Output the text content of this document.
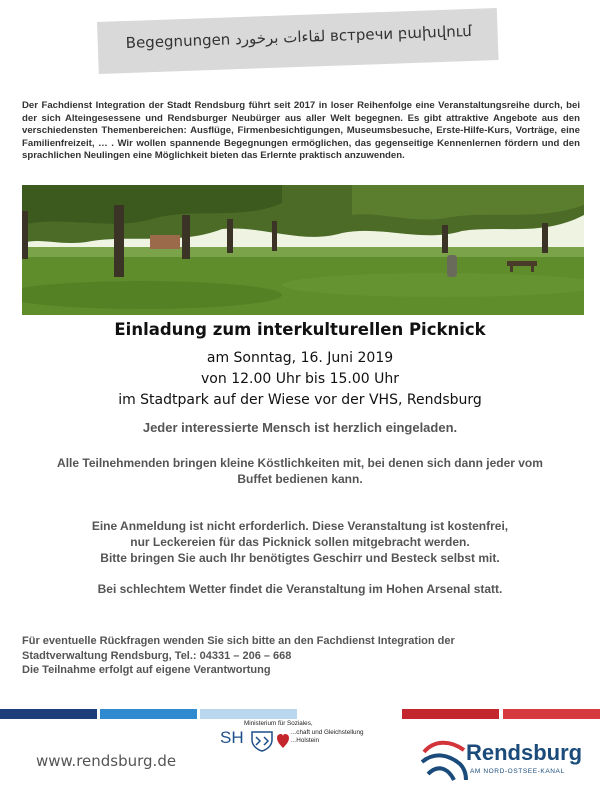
Begegnungen لقاءات برخورد встречи բախվում
Der Fachdienst Integration der Stadt Rendsburg führt seit 2017 in loser Reihenfolge eine Veranstaltungsreihe durch, bei der sich Alteingesessene und Rendsburger Neubürger aus aller Welt begegnen. Es gibt attraktive Angebote aus den verschiedensten Themenbereichen: Ausflüge, Firmenbesichtigungen, Museumsbesuche, Erste-Hilfe-Kurs, Vorträge, eine Familienfreizeit, … . Wir wollen spannende Begegnungen ermöglichen, das gegenseitige Kennenlernen fördern und den sprachlichen Neulingen eine Möglichkeit bieten das Erlernte praktisch anzuwenden.
Einladung zum interkulturellen Picknick
am Sonntag, 16. Juni 2019
von 12.00 Uhr bis 15.00 Uhr
im Stadtpark auf der Wiese vor der VHS, Rendsburg
Jeder interessierte Mensch ist herzlich eingeladen.
Alle Teilnehmenden bringen kleine Köstlichkeiten mit, bei denen sich dann jeder vom
Buffet bedienen kann.
Eine Anmeldung ist nicht erforderlich. Diese Veranstaltung ist kostenfrei,
nur Leckereien für das Picknick sollen mitgebracht werden.
Bitte bringen Sie auch Ihr benötigtes Geschirr und Besteck selbst mit.
Bei schlechtem Wetter findet die Veranstaltung im Hohen Arsenal statt.
Für eventuelle Rückfragen wenden Sie sich bitte an den Fachdienst Integration der
Stadtverwaltung Rendsburg, Tel.: 04331 – 206 – 668
Die Teilnahme erfolgt auf eigene Verantwortung
www.rendsburg.de
SH
Ministerium für Soziales,
…chaft und Gleichstellung
…Holstein	Rendsburg
AM NORD-OSTSEE-KANAL
